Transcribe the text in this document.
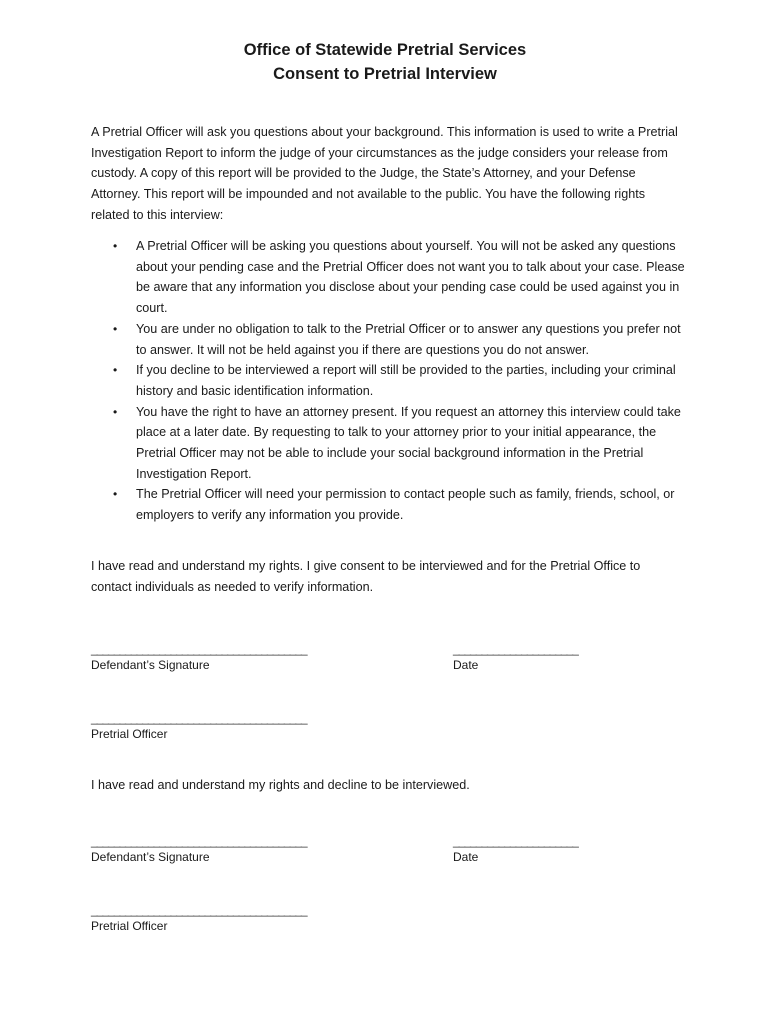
Office of Statewide Pretrial Services
Consent to Pretrial Interview
A Pretrial Officer will ask you questions about your background. This information is used to write a Pretrial Investigation Report to inform the judge of your circumstances as the judge considers your release from custody. A copy of this report will be provided to the Judge, the State’s Attorney, and your Defense Attorney. This report will be impounded and not available to the public. You have the following rights related to this interview:
• A Pretrial Officer will be asking you questions about yourself. You will not be asked any questions about your pending case and the Pretrial Officer does not want you to talk about your case. Please be aware that any information you disclose about your pending case could be used against you in court.
• You are under no obligation to talk to the Pretrial Officer or to answer any questions you prefer not to answer. It will not be held against you if there are questions you do not answer.
• If you decline to be interviewed a report will still be provided to the parties, including your criminal history and basic identification information.
• You have the right to have an attorney present. If you request an attorney this interview could take place at a later date. By requesting to talk to your attorney prior to your initial appearance, the Pretrial Officer may not be able to include your social background information in the Pretrial Investigation Report.
• The Pretrial Officer will need your permission to contact people such as family, friends, school, or employers to verify any information you provide.
I have read and understand my rights. I give consent to be interviewed and for the Pretrial Office to contact individuals as needed to verify information.
______________________________________
Defendant’s Signature
______________________
Date
______________________________________
Pretrial Officer
I have read and understand my rights and decline to be interviewed.
______________________________________
Defendant’s Signature
______________________
Date
______________________________________
Pretrial Officer
